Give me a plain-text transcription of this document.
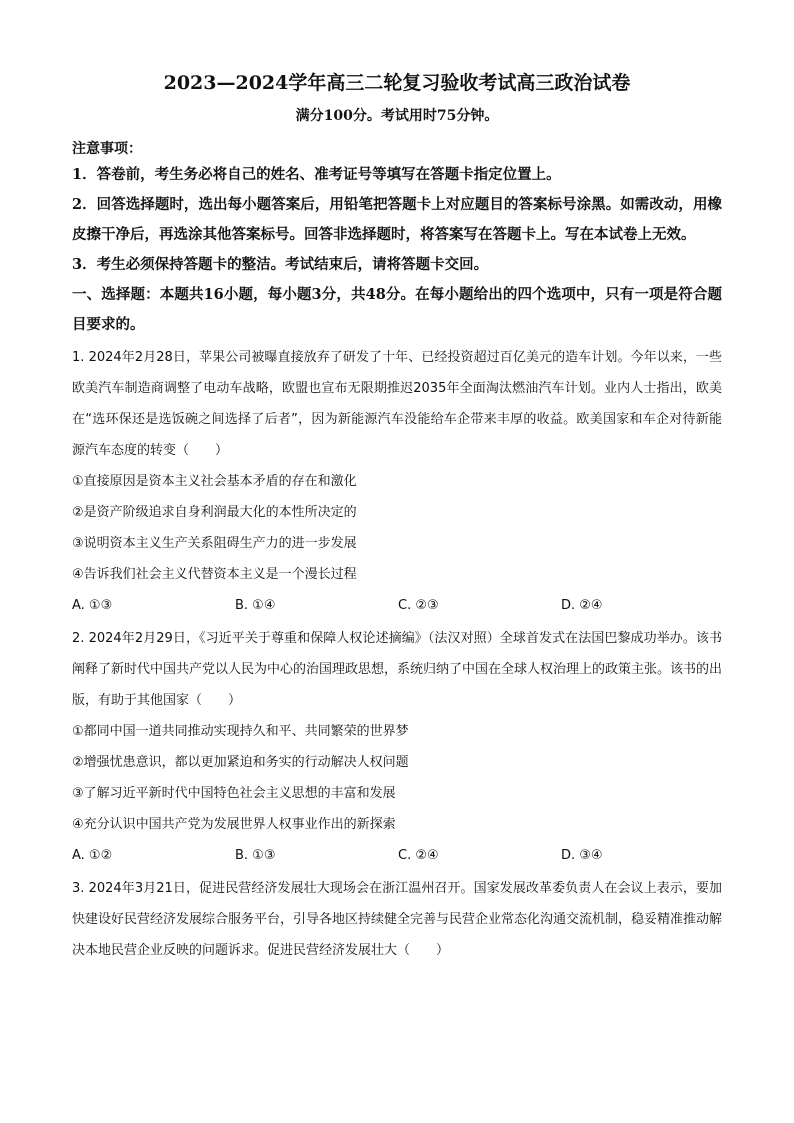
2023—2024学年高三二轮复习验收考试高三政治试卷
满分100分。考试用时75分钟。
注意事项：
1．答卷前，考生务必将自己的姓名、准考证号等填写在答题卡指定位置上。
2．回答选择题时，选出每小题答案后，用铅笔把答题卡上对应题目的答案标号涂黑。如需改动，用橡皮擦干净后，再选涂其他答案标号。回答非选择题时，将答案写在答题卡上。写在本试卷上无效。
3．考生必须保持答题卡的整洁。考试结束后，请将答题卡交回。
一、选择题：本题共16小题，每小题3分，共48分。在每小题给出的四个选项中，只有一项是符合题目要求的。
1. 2024年2月28日，苹果公司被曝直接放弃了研发了十年、已经投资超过百亿美元的造车计划。今年以来，一些欧美汽车制造商调整了电动车战略，欧盟也宣布无限期推迟2035年全面淘汰燃油汽车计划。业内人士指出，欧美在“选环保还是选饭碗之间选择了后者”，因为新能源汽车没能给车企带来丰厚的收益。欧美国家和车企对待新能源汽车态度的转变（　　）
①直接原因是资本主义社会基本矛盾的存在和激化
②是资产阶级追求自身利润最大化的本性所决定的
③说明资本主义生产关系阻碍生产力的进一步发展
④告诉我们社会主义代替资本主义是一个漫长过程
A. ①③	B. ①④	C. ②③	D. ②④
2. 2024年2月29日，《习近平关于尊重和保障人权论述摘编》（法汉对照）全球首发式在法国巴黎成功举办。该书阐释了新时代中国共产党以人民为中心的治国理政思想，系统归纳了中国在全球人权治理上的政策主张。该书的出版，有助于其他国家（　　）
①都同中国一道共同推动实现持久和平、共同繁荣的世界梦
②增强忧患意识，都以更加紧迫和务实的行动解决人权问题
③了解习近平新时代中国特色社会主义思想的丰富和发展
④充分认识中国共产党为发展世界人权事业作出的新探索
A. ①②	B. ①③	C. ②④	D. ③④
3. 2024年3月21日，促进民营经济发展壮大现场会在浙江温州召开。国家发展改革委负责人在会议上表示，要加快建设好民营经济发展综合服务平台，引导各地区持续健全完善与民营企业常态化沟通交流机制，稳妥精准推动解决本地民营企业反映的问题诉求。促进民营经济发展壮大（　　）
